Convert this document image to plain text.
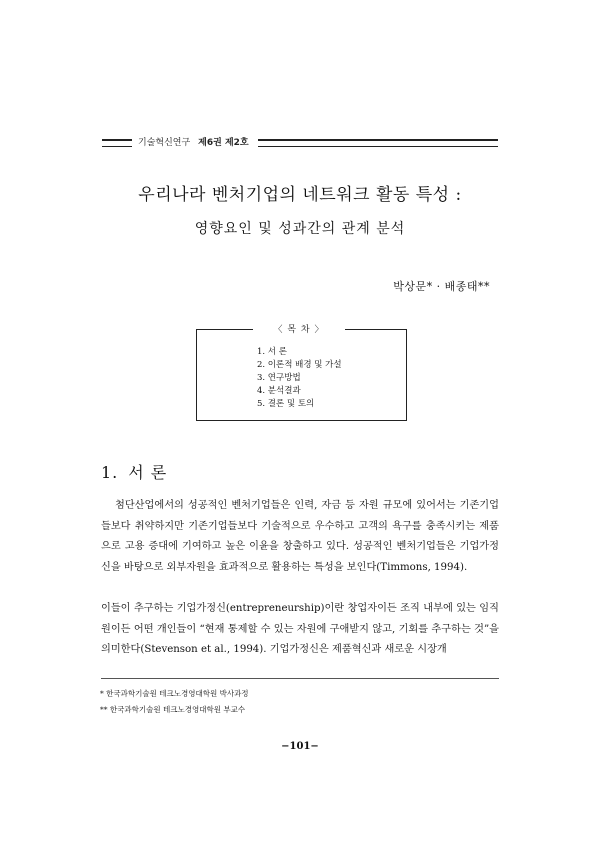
기술혁신연구 제6권 제2호
우리나라 벤처기업의 네트워크 활동 특성 :
영향요인 및 성과간의 관계 분석
박상문* · 배종태**
〈 목 차 〉
1. 서 론
2. 이론적 배경 및 가설
3. 연구방법
4. 분석결과
5. 결론 및 토의
1. 서 론

첨단산업에서의 성공적인 벤처기업들은 인력, 자금 등 자원 규모에 있어서는 기존기업들보다 취약하지만 기존기업들보다 기술적으로 우수하고 고객의 욕구를 충족시키는 제품으로 고용 증대에 기여하고 높은 이윤을 창출하고 있다. 성공적인 벤처기업들은 기업가정신을 바탕으로 외부자원을 효과적으로 활용하는 특성을 보인다(Timmons, 1994).

이들이 추구하는 기업가정신(entrepreneurship)이란 창업자이든 조직 내부에 있는 임직원이든 어떤 개인들이 “현재 통제할 수 있는 자원에 구애받지 않고, 기회를 추구하는 것”을 의미한다(Stevenson et al., 1994). 기업가정신은 제품혁신과 새로운 시장개

* 한국과학기술원 테크노경영대학원 박사과정
** 한국과학기술원 테크노경영대학원 부교수
−101−
